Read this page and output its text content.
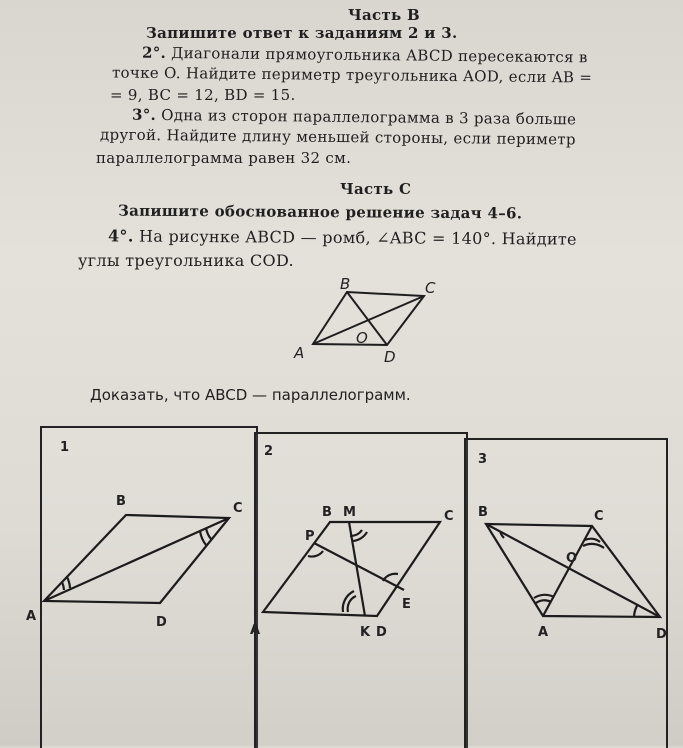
Часть В
Запишите ответ к заданиям 2 и 3.
2°. Диагонали прямоугольника ABCD пересекаются в
точке O. Найдите периметр треугольника AOD, если AB =
= 9, BC = 12, BD = 15.
3°. Одна из сторон параллелограмма в 3 раза больше
другой. Найдите длину меньшей стороны, если периметр
параллелограмма равен 32 см.
Часть С
Запишите обоснованное решение задач 4–6.
4°. На рисунке ABCD — ромб, ∠ABC = 140°. Найдите
углы треугольника COD.
B	C
A	D
O
Доказать, что ABCD — параллелограмм.
1	2
3
A
B	C
D
A
B M	C
P
E
K D
B	C
O
A	D
